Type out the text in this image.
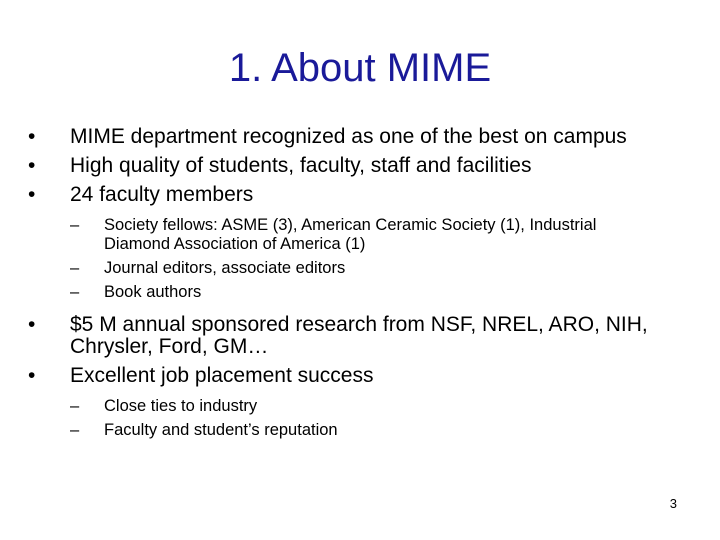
1. About MIME
•	MIME department recognized as one of the best on campus
•	High quality of students, faculty, staff and facilities
•	24 faculty members
– Society fellows: ASME (3), American Ceramic Society (1), Industrial Diamond Association of America (1)
– Journal editors, associate editors
– Book authors
•	$5 M annual sponsored research from NSF, NREL, ARO, NIH, Chrysler, Ford, GM…
•	Excellent job placement success
– Close ties to industry
– Faculty and student’s reputation
3
